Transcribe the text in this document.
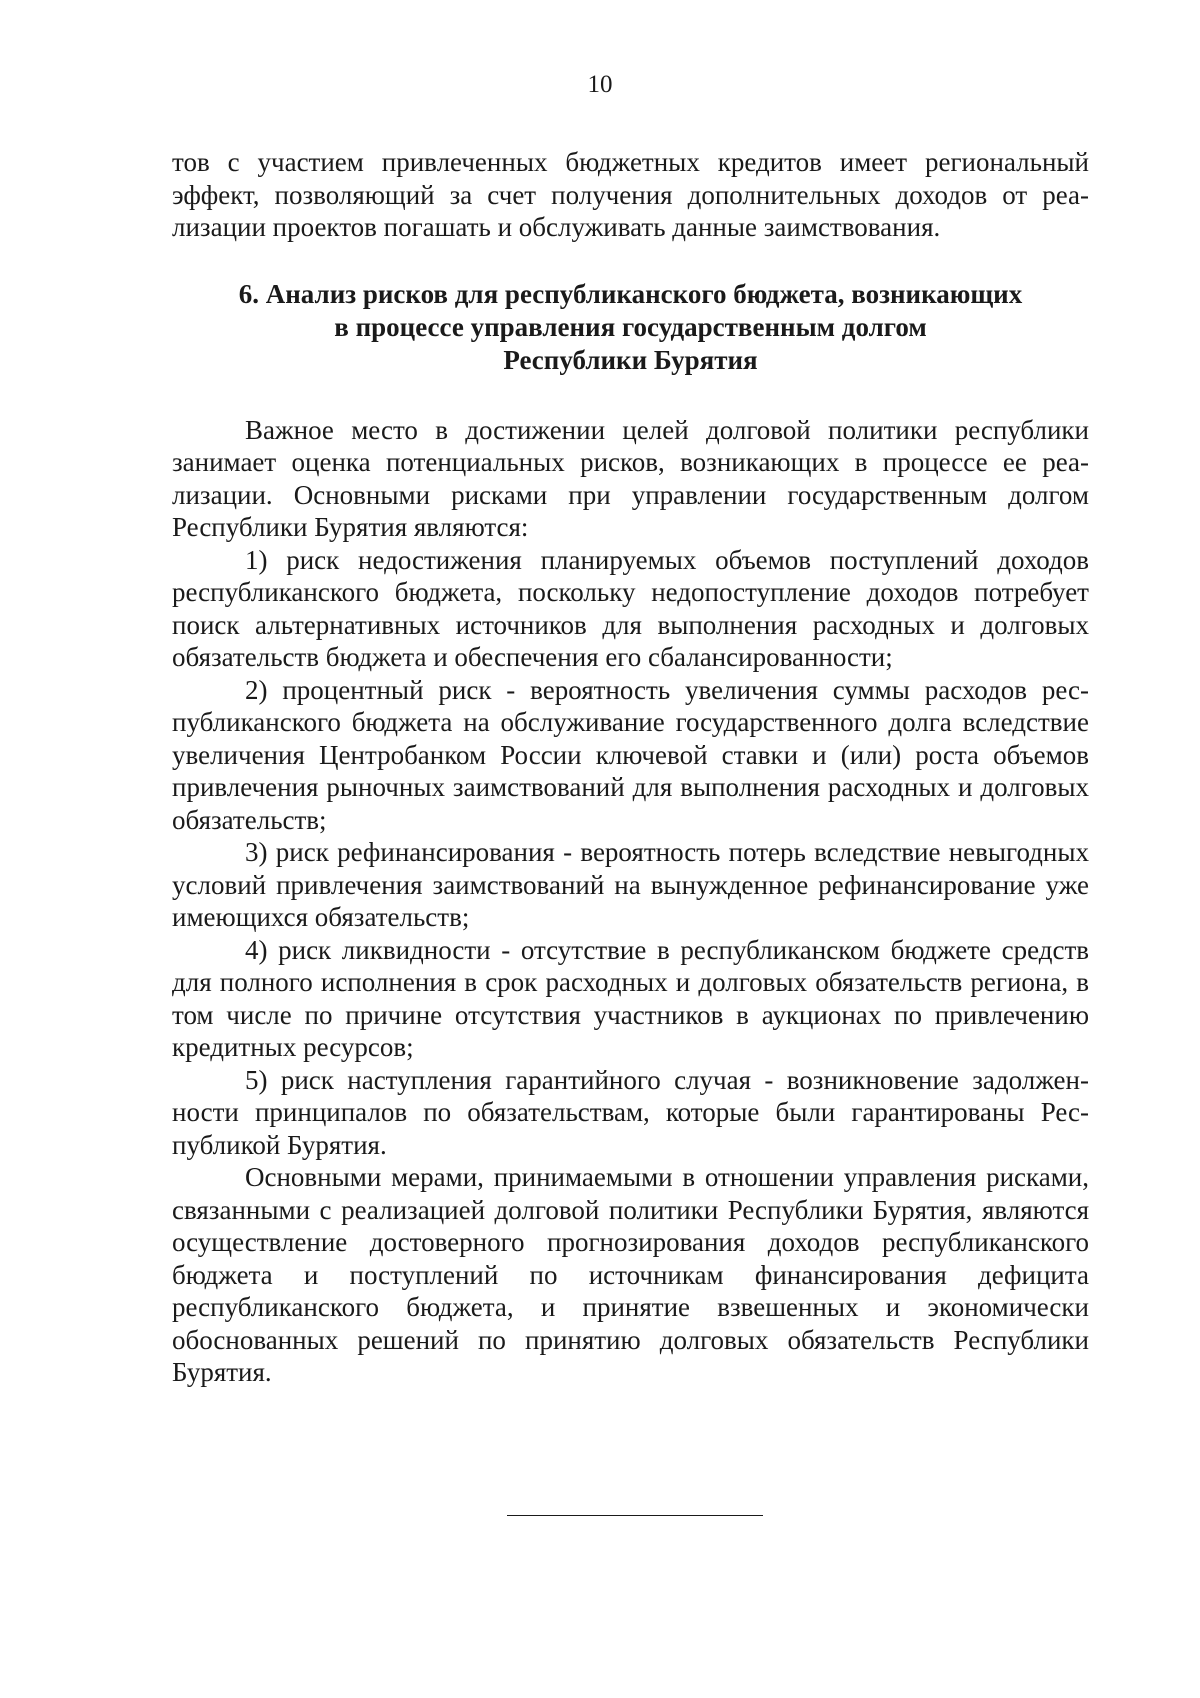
10

тов с участием привлеченных бюджетных кредитов имеет региональный эффект, позволяющий за счет получения дополнительных доходов от реализации проектов погашать и обслуживать данные заимствования.

6. Анализ рисков для республиканского бюджета, возникающих
в процессе управления государственным долгом
Республики Бурятия

Важное место в достижении целей долговой политики республики занимает оценка потенциальных рисков, возникающих в процессе ее реализации. Основными рисками при управлении государственным долгом Республики Бурятия являются:

1) риск недостижения планируемых объемов поступлений доходов республиканского бюджета, поскольку недопоступление доходов потребует поиск альтернативных источников для выполнения расходных и долговых обязательств бюджета и обеспечения его сбалансированности;

2) процентный риск - вероятность увеличения суммы расходов республиканского бюджета на обслуживание государственного долга вследствие увеличения Центробанком России ключевой ставки и (или) роста объемов привлечения рыночных заимствований для выполнения расходных и долговых обязательств;

3) риск рефинансирования - вероятность потерь вследствие невыгодных условий привлечения заимствований на вынужденное рефинансирование уже имеющихся обязательств;

4) риск ликвидности - отсутствие в республиканском бюджете средств для полного исполнения в срок расходных и долговых обязательств региона, в том числе по причине отсутствия участников в аукционах по привлечению кредитных ресурсов;

5) риск наступления гарантийного случая - возникновение задолженности принципалов по обязательствам, которые были гарантированы Республикой Бурятия.

Основными мерами, принимаемыми в отношении управления рисками, связанными с реализацией долговой политики Республики Бурятия, являются осуществление достоверного прогнозирования доходов республиканского бюджета и поступлений по источникам финансирования дефицита республиканского бюджета, и принятие взвешенных и экономически обоснованных решений по принятию долговых обязательств Республики Бурятия.
